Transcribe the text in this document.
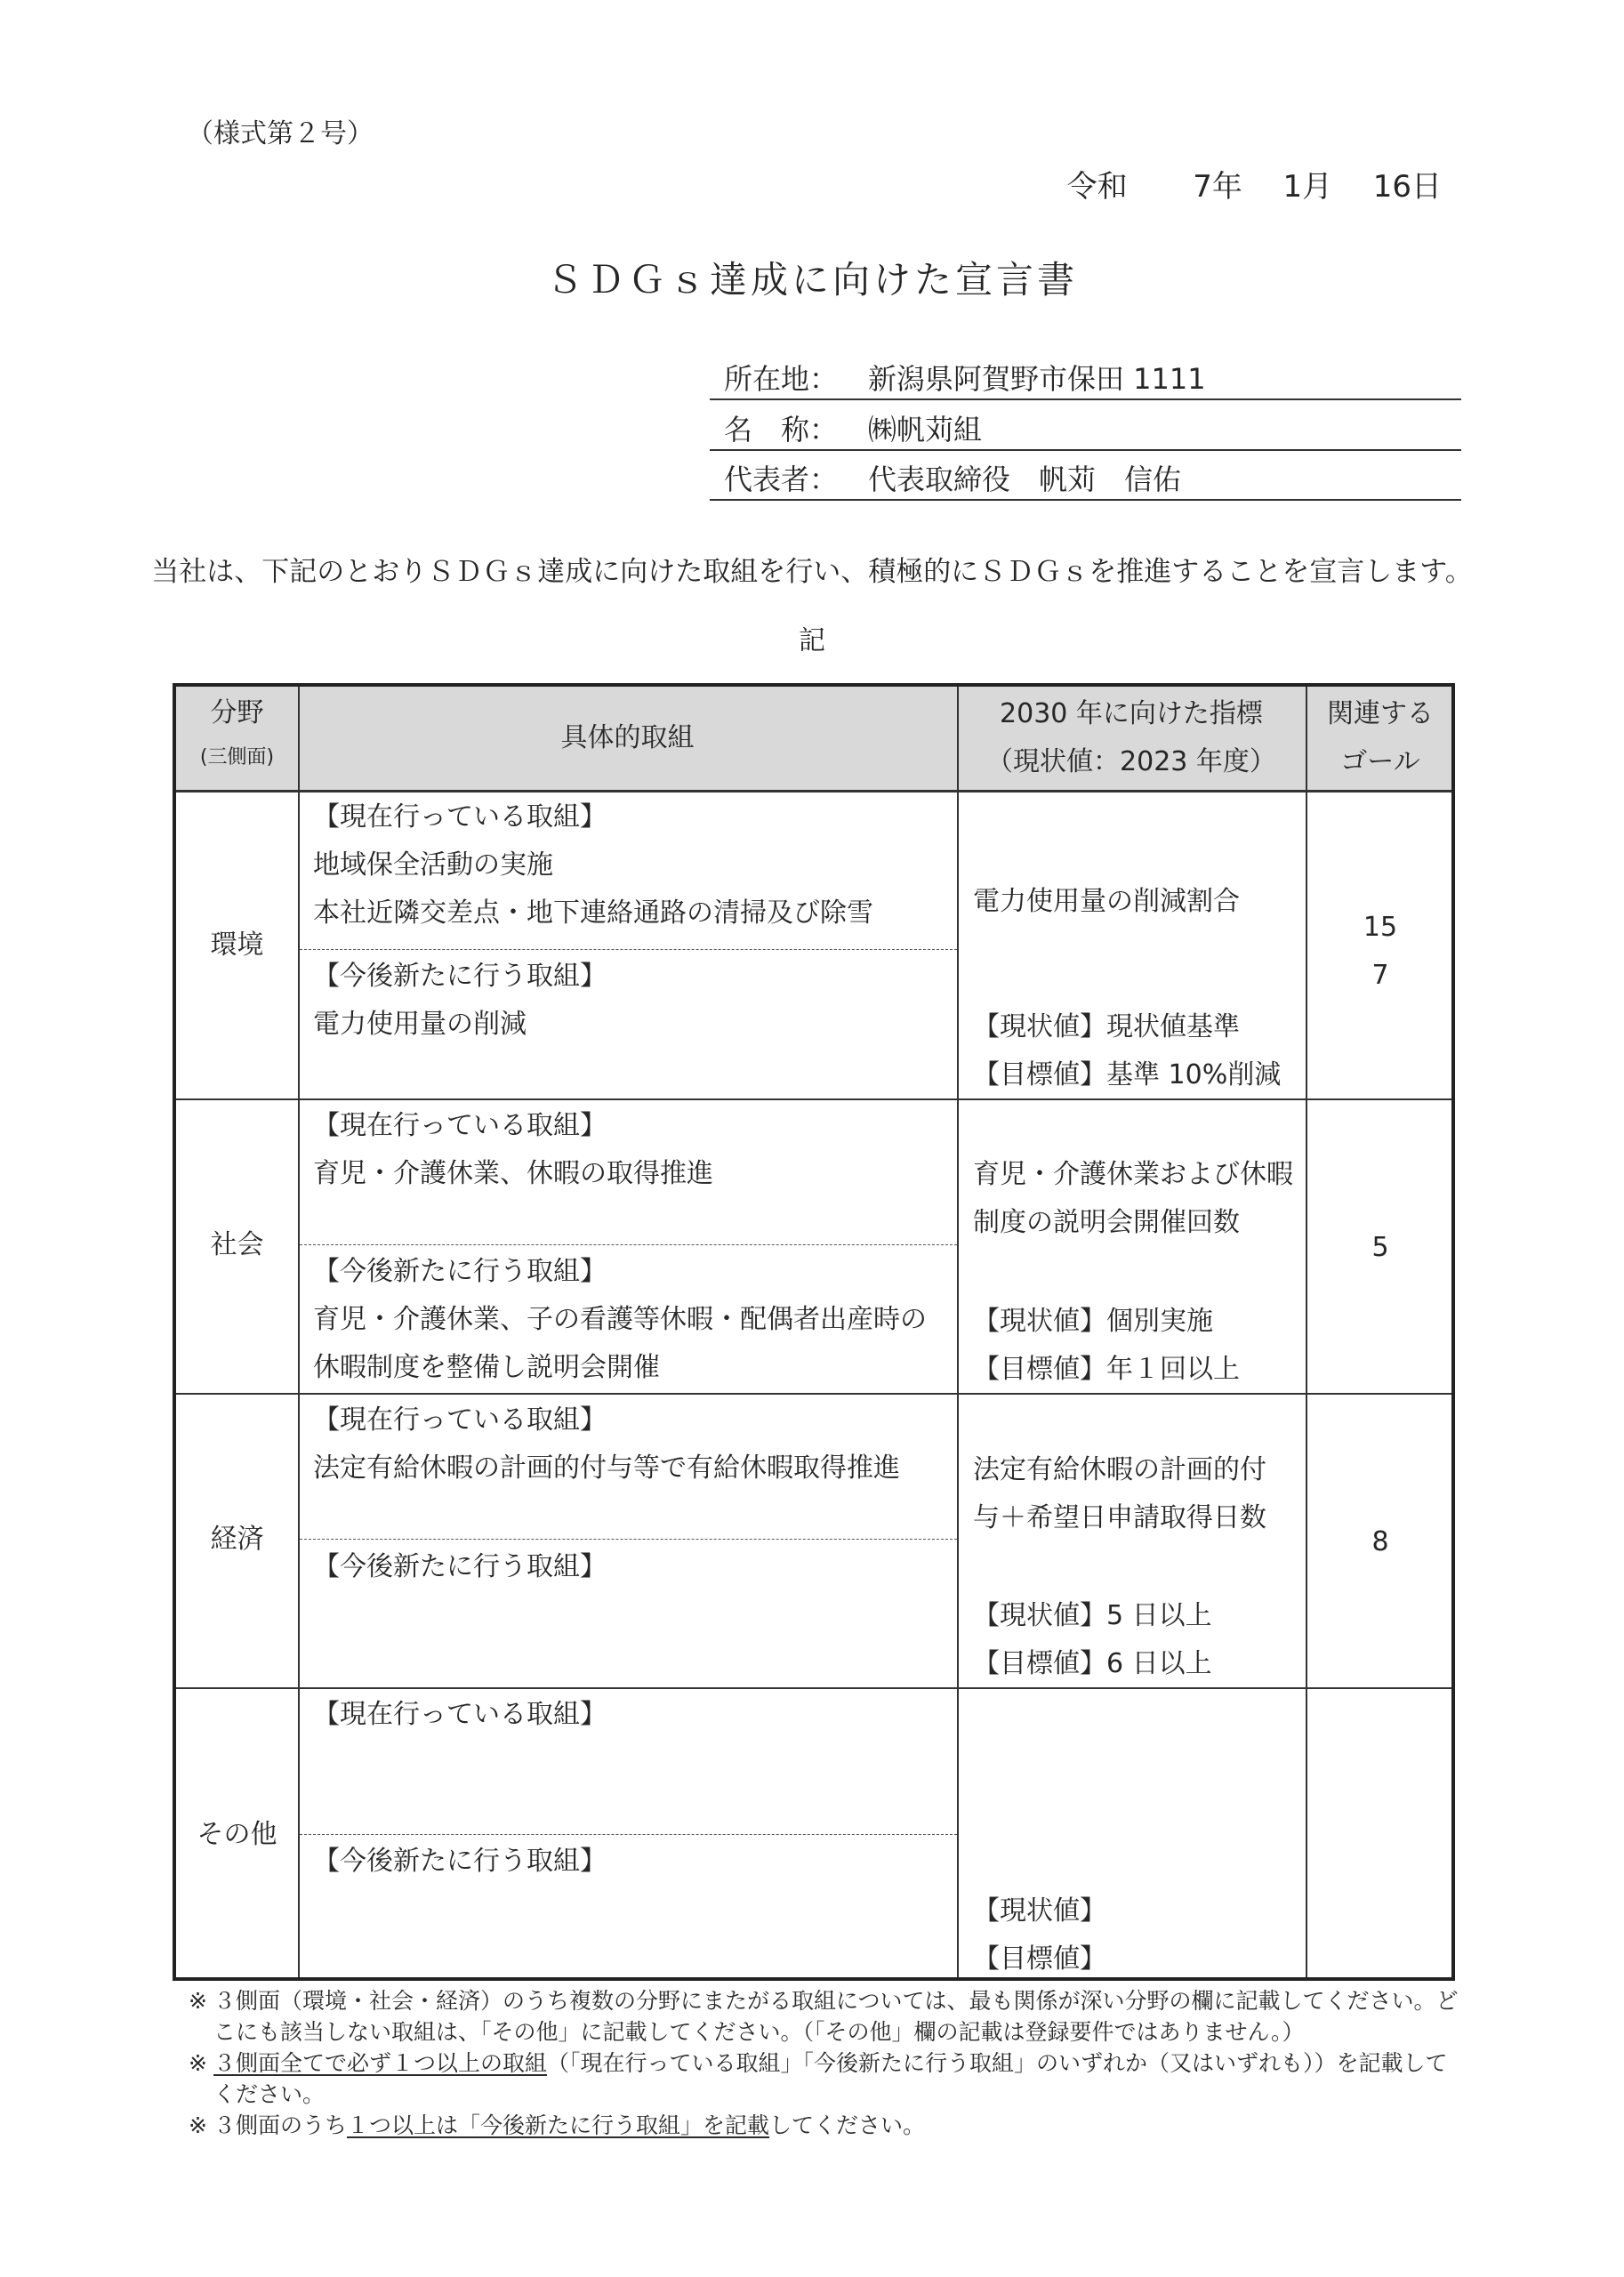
（様式第２号）
令和 7年 1月 16日
ＳＤＧｓ達成に向けた宣言書
所在地： 新潟県阿賀野市保田 1111
名　称： ㈱帆苅組
代表者： 代表取締役　帆苅　信佑
当社は、下記のとおりＳＤＧｓ達成に向けた取組を行い、積極的にＳＤＧｓを推進することを宣言します。
記
分野
(三側面)
具体的取組
2030 年に向けた指標
（現状値：2023 年度）
関連する
ゴール
環境
【現在行っている取組】
地域保全活動の実施
本社近隣交差点・地下連絡通路の清掃及び除雪
【今後新たに行う取組】
電力使用量の削減
電力使用量の削減割合
【現状値】現状値基準
【目標値】基準 10%削減
15
7
社会
【現在行っている取組】
育児・介護休業、休暇の取得推進
【今後新たに行う取組】
育児・介護休業、子の看護等休暇・配偶者出産時の
休暇制度を整備し説明会開催
育児・介護休業および休暇
制度の説明会開催回数
【現状値】個別実施
【目標値】年１回以上
5
経済
【現在行っている取組】
法定有給休暇の計画的付与等で有給休暇取得推進
【今後新たに行う取組】
法定有給休暇の計画的付
与＋希望日申請取得日数
【現状値】5 日以上
【目標値】6 日以上
8
その他
【現在行っている取組】
【今後新たに行う取組】
【現状値】
【目標値】
※ ３側面（環境・社会・経済）のうち複数の分野にまたがる取組については、最も関係が深い分野の欄に記載してください。どこにも該当しない取組は、「その他」に記載してください。（「その他」欄の記載は登録要件ではありません。）
※ ３側面全てで必ず１つ以上の取組（「現在行っている取組」「今後新たに行う取組」のいずれか（又はいずれも））を記載してください。
※ ３側面のうち１つ以上は「今後新たに行う取組」を記載してください。
